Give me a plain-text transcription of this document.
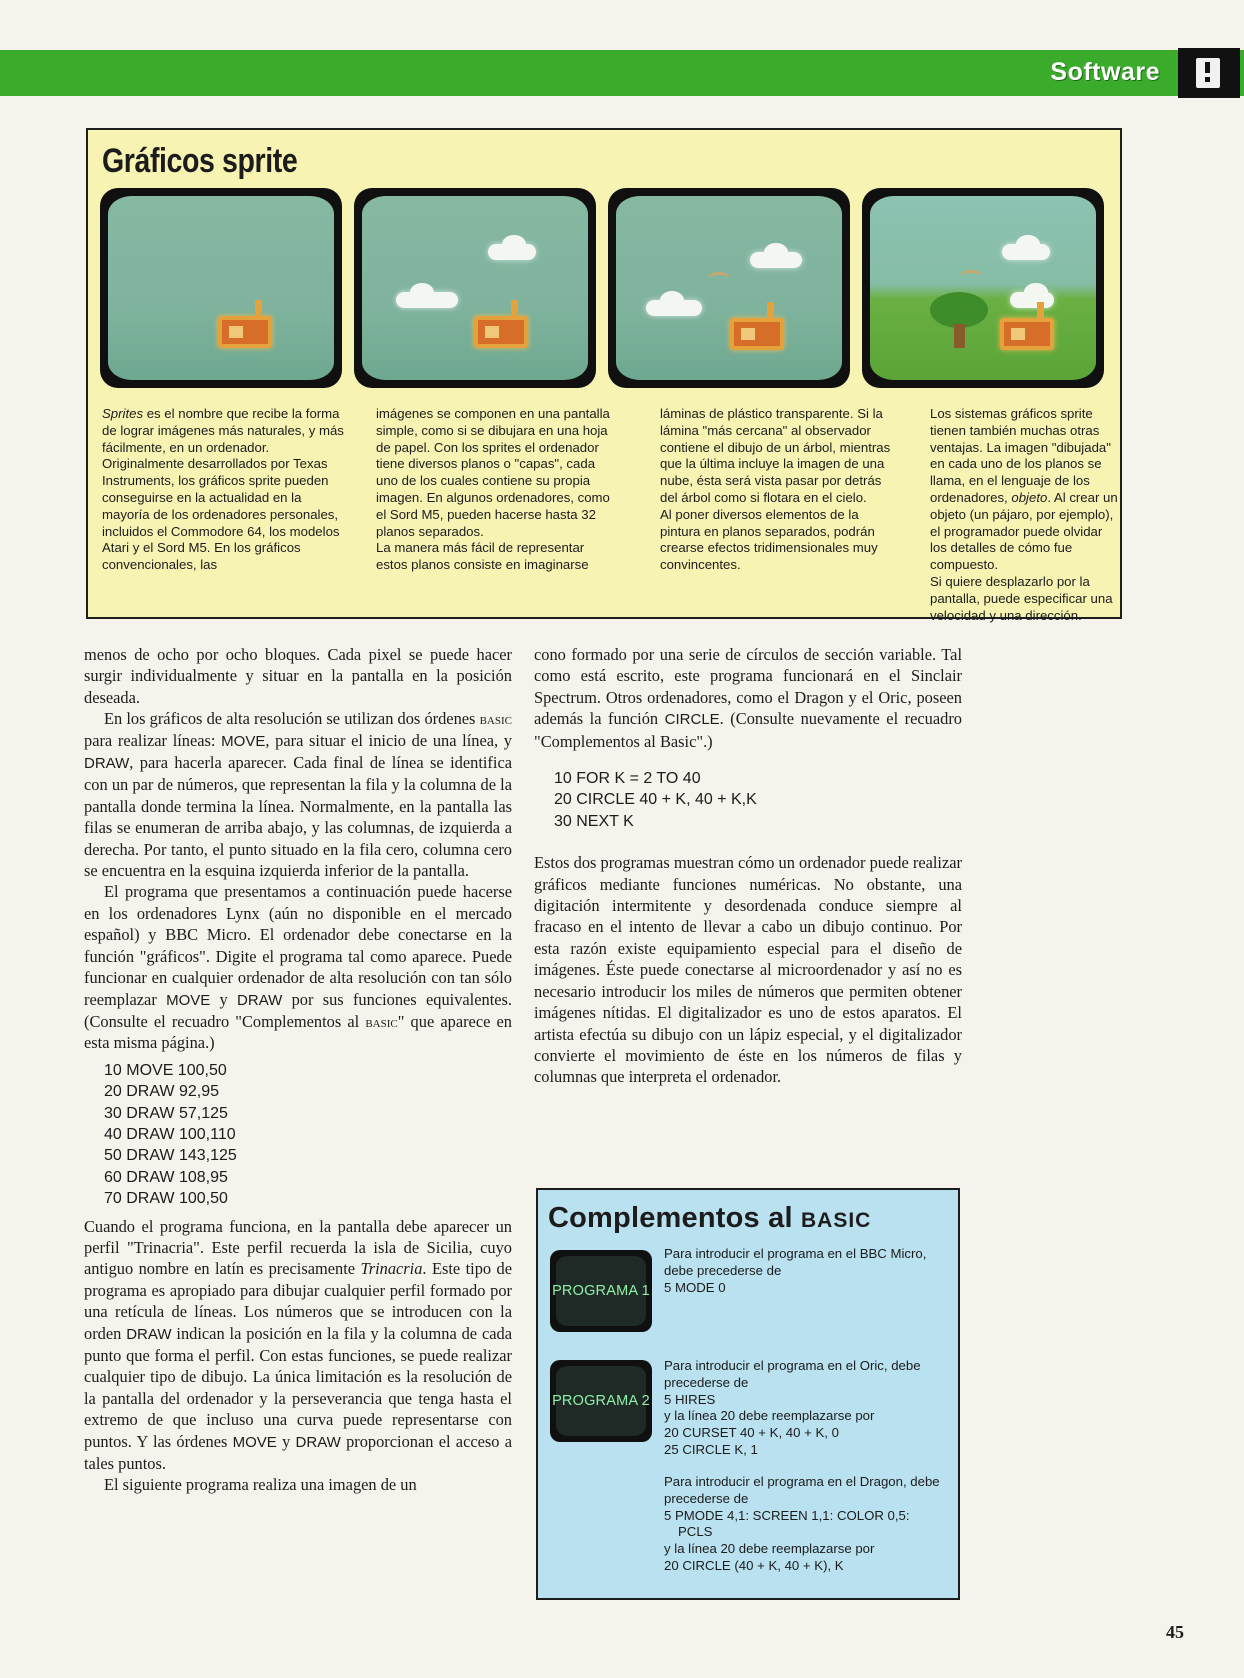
Software
Gráficos sprite

Sprites es el nombre que recibe la forma de lograr imágenes más naturales, y más fácilmente, en un ordenador. Originalmente desarrollados por Texas Instruments, los gráficos sprite pueden conseguirse en la actualidad en la mayoría de los ordenadores personales, incluidos el Commodore 64, los modelos Atari y el Sord M5. En los gráficos convencionales, las

imágenes se componen en una pantalla simple, como si se dibujara en una hoja de papel. Con los sprites el ordenador tiene diversos planos o "capas", cada uno de los cuales contiene su propia imagen. En algunos ordenadores, como el Sord M5, pueden hacerse hasta 32 planos separados.

La manera más fácil de representar estos planos consiste en imaginarse

láminas de plástico transparente. Si la lámina "más cercana" al observador contiene el dibujo de un árbol, mientras que la última incluye la imagen de una nube, ésta será vista pasar por detrás del árbol como si flotara en el cielo.

Al poner diversos elementos de la pintura en planos separados, podrán crearse efectos tridimensionales muy convincentes.

Los sistemas gráficos sprite tienen también muchas otras ventajas. La imagen "dibujada" en cada uno de los planos se llama, en el lenguaje de los ordenadores, objeto. Al crear un objeto (un pájaro, por ejemplo), el programador puede olvidar los detalles de cómo fue compuesto.

Si quiere desplazarlo por la pantalla, puede especificar una velocidad y una dirección.

menos de ocho por ocho bloques. Cada pixel se puede hacer surgir individualmente y situar en la pantalla en la posición deseada.

En los gráficos de alta resolución se utilizan dos órdenes basic para realizar líneas: MOVE, para situar el inicio de una línea, y DRAW, para hacerla aparecer. Cada final de línea se identifica con un par de números, que representan la fila y la columna de la pantalla donde termina la línea. Normalmente, en la pantalla las filas se enumeran de arriba abajo, y las columnas, de izquierda a derecha. Por tanto, el punto situado en la fila cero, columna cero se encuentra en la esquina izquierda inferior de la pantalla.

El programa que presentamos a continuación puede hacerse en los ordenadores Lynx (aún no disponible en el mercado español) y BBC Micro. El ordenador debe conectarse en la función "gráficos". Digite el programa tal como aparece. Puede funcionar en cualquier ordenador de alta resolución con tan sólo reemplazar MOVE y DRAW por sus funciones equivalentes. (Consulte el recuadro "Complementos al basic" que aparece en esta misma página.)

10 MOVE 100,50
20 DRAW 92,95
30 DRAW 57,125
40 DRAW 100,110
50 DRAW 143,125
60 DRAW 108,95
70 DRAW 100,50

Cuando el programa funciona, en la pantalla debe aparecer un perfil "Trinacria". Este perfil recuerda la isla de Sicilia, cuyo antiguo nombre en latín es precisamente Trinacria. Este tipo de programa es apropiado para dibujar cualquier perfil formado por una retícula de líneas. Los números que se introducen con la orden DRAW indican la posición en la fila y la columna de cada punto que forma el perfil. Con estas funciones, se puede realizar cualquier tipo de dibujo. La única limitación es la resolución de la pantalla del ordenador y la perseverancia que tenga hasta el extremo de que incluso una curva puede representarse con puntos. Y las órdenes MOVE y DRAW proporcionan el acceso a tales puntos.

El siguiente programa realiza una imagen de un

cono formado por una serie de círculos de sección variable. Tal como está escrito, este programa funcionará en el Sinclair Spectrum. Otros ordenadores, como el Dragon y el Oric, poseen además la función CIRCLE. (Consulte nuevamente el recuadro "Complementos al Basic".)

10 FOR K = 2 TO 40
20 CIRCLE 40 + K, 40 + K,K
30 NEXT K

Estos dos programas muestran cómo un ordenador puede realizar gráficos mediante funciones numéricas. No obstante, una digitación intermitente y desordenada conduce siempre al fracaso en el intento de llevar a cabo un dibujo continuo. Por esta razón existe equipamiento especial para el diseño de imágenes. Éste puede conectarse al microordenador y así no es necesario introducir los miles de números que permiten obtener imágenes nítidas. El digitalizador es uno de estos aparatos. El artista efectúa su dibujo con un lápiz especial, y el digitalizador convierte el movimiento de éste en los números de filas y columnas que interpreta el ordenador.

Complementos al BASIC
PROGRAMA 1

Para introducir el programa en el BBC Micro, debe precederse de

5 MODE 0

PROGRAMA 2

Para introducir el programa en el Oric, debe precederse de

5 HIRES

y la línea 20 debe reemplazarse por

20 CURSET 40 + K, 40 + K, 0

25 CIRCLE K, 1

Para introducir el programa en el Dragon, debe precederse de

5 PMODE 4,1: SCREEN 1,1: COLOR 0,5:

PCLS

y la línea 20 debe reemplazarse por

20 CIRCLE (40 + K, 40 + K), K

45
